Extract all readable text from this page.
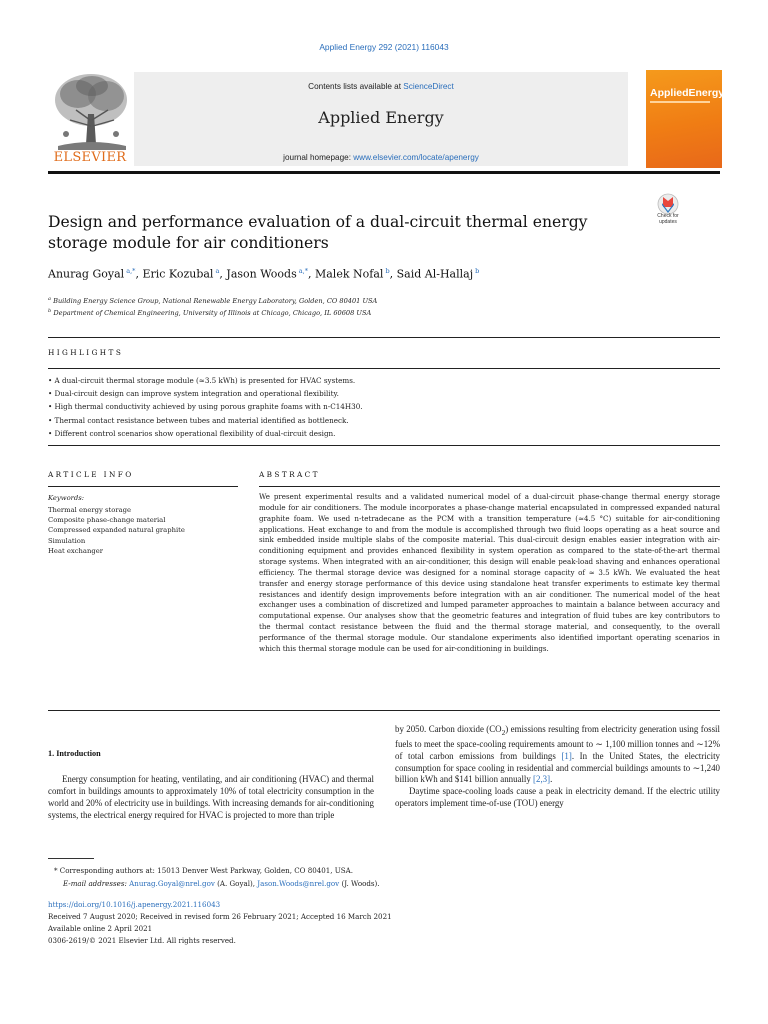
Applied Energy 292 (2021) 116043
ELSEVIER
Contents lists available at ScienceDirect
Applied Energy
journal homepage: www.elsevier.com/locate/apenergy
AppliedEnergy
Design and performance evaluation of a dual-circuit thermal energy storage module for air conditioners
Check for
updates
Anurag Goyal $^{a,*}$, Eric Kozubal $^a$, Jason Woods $^{a,*}$, Malek Nofal $^b$, Said Al-Hallaj $^b$
$^a$ Building Energy Science Group, National Renewable Energy Laboratory, Golden, CO 80401 USA
$^b$ Department of Chemical Engineering, University of Illinois at Chicago, Chicago, IL 60608 USA
HIGHLIGHTS
• A dual-circuit thermal storage module (≈3.5 kWh) is presented for HVAC systems.
• Dual-circuit design can improve system integration and operational flexibility.
• High thermal conductivity achieved by using porous graphite foams with n-C14H30.
• Thermal contact resistance between tubes and material identified as bottleneck.
• Different control scenarios show operational flexibility of dual-circuit design.
ARTICLE INFO	ABSTRACT
Keywords:
Thermal energy storage
Composite phase-change material
Compressed expanded natural graphite
Simulation
Heat exchanger
We present experimental results and a validated numerical model of a dual-circuit phase-change thermal energy storage module for air conditioners. The module incorporates a phase-change material encapsulated in compressed expanded natural graphite foam. We used n-tetradecane as the PCM with a transition temperature (≈4.5 °C) suitable for air-conditioning applications. Heat exchange to and from the module is accomplished through two fluid loops operating as a heat source and sink embedded inside multiple slabs of the composite material. This dual-circuit design enables easier integration with air-conditioning equipment and provides enhanced flexibility in system operation as compared to the state-of-the-art thermal storage systems. When integrated with an air-conditioner, this design will enable peak-load shaving and enhances operational efficiency. The thermal storage device was designed for a nominal storage capacity of ≈ 3.5 kWh. We evaluated the heat transfer and energy storage performance of this device using standalone heat transfer experiments to estimate key thermal resistances and identify design improvements before integration with an air conditioner. The numerical model of the heat exchanger uses a combination of discretized and lumped parameter approaches to maintain a balance between accuracy and computational expense. Our analyses show that the geometric features and integration of fluid tubes are key contributors to the thermal contact resistance between the fluid and the thermal storage material, and consequently, to the overall performance of the thermal storage module. Our standalone experiments also identified important operating scenarios in which this thermal storage module can be used for air-conditioning in buildings.
1. Introduction

Energy consumption for heating, ventilating, and air conditioning (HVAC) and thermal comfort in buildings amounts to approximately 10% of total electricity consumption in the world and 20% of electricity use in buildings. With increasing demands for air-conditioning systems, the electrical energy required for HVAC is projected to more than triple

by 2050. Carbon dioxide $(CO_2)$ emissions resulting from electricity generation using fossil fuels to meet the space-cooling requirements amount to ∼ 1,100 million tonnes and ∼12% of total carbon emissions from buildings [1]. In the United States, the electricity consumption for space cooling in residential and commercial buildings amounts to ∼1,240 billion kWh and $141 billion annually [2,3].

Daytime space-cooling loads cause a peak in electricity demand. If the electric utility operators implement time-of-use (TOU) energy

* Corresponding authors at: 15013 Denver West Parkway, Golden, CO 80401, USA.
E-mail addresses: Anurag.Goyal@nrel.gov (A. Goyal), Jason.Woods@nrel.gov (J. Woods).
https://doi.org/10.1016/j.apenergy.2021.116043
Received 7 August 2020; Received in revised form 26 February 2021; Accepted 16 March 2021
Available online 2 April 2021
0306-2619/© 2021 Elsevier Ltd. All rights reserved.
